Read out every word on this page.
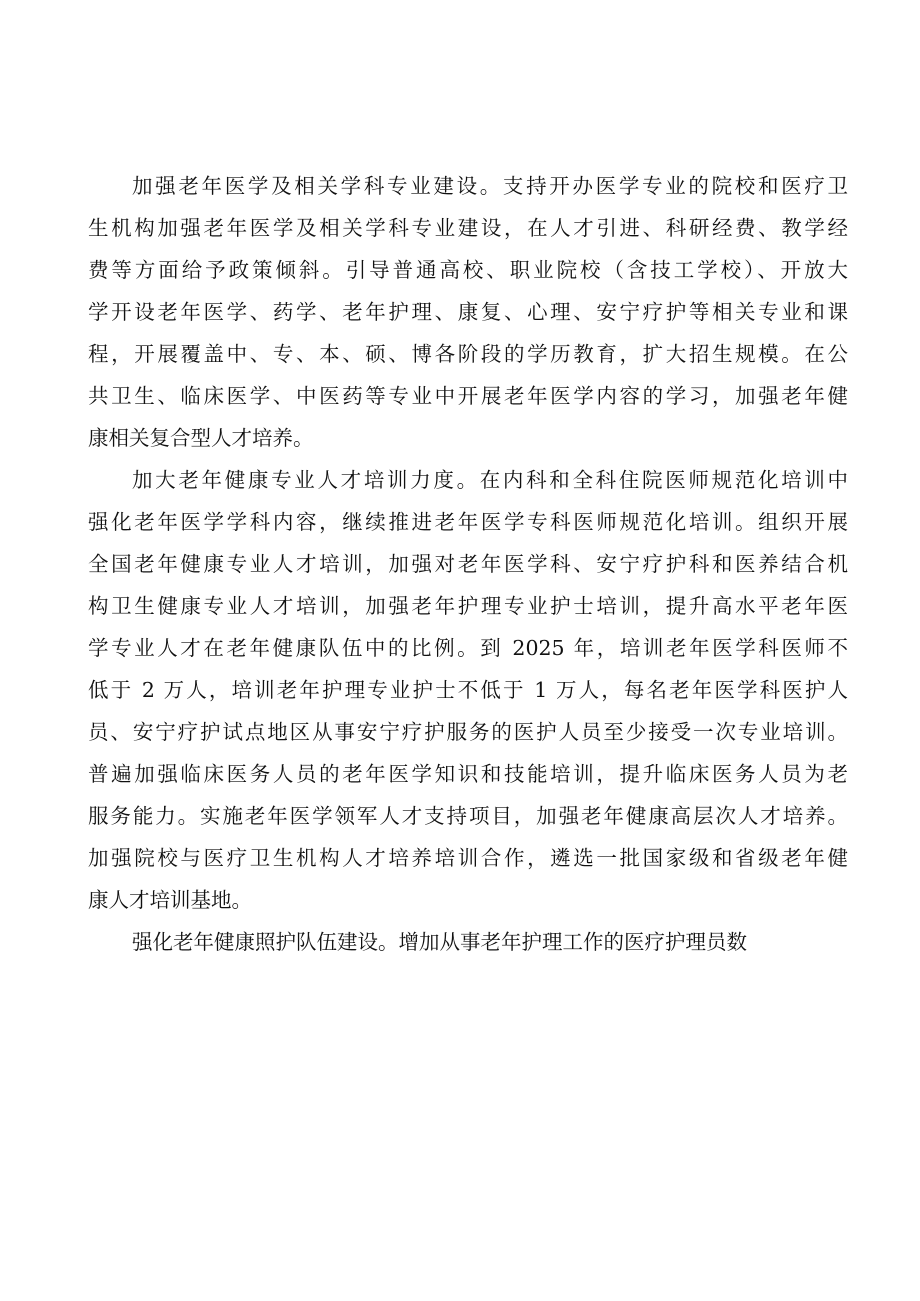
加强老年医学及相关学科专业建设。支持开办医学专业的院校和医疗卫
生机构加强老年医学及相关学科专业建设，在人才引进、科研经费、教学经
费等方面给予政策倾斜。引导普通高校、职业院校（含技工学校）、开放大
学开设老年医学、药学、老年护理、康复、心理、安宁疗护等相关专业和课
程，开展覆盖中、专、本、硕、博各阶段的学历教育，扩大招生规模。在公
共卫生、临床医学、中医药等专业中开展老年医学内容的学习，加强老年健
康相关复合型人才培养。
加大老年健康专业人才培训力度。在内科和全科住院医师规范化培训中
强化老年医学学科内容，继续推进老年医学专科医师规范化培训。组织开展
全国老年健康专业人才培训，加强对老年医学科、安宁疗护科和医养结合机
构卫生健康专业人才培训，加强老年护理专业护士培训，提升高水平老年医
学专业人才在老年健康队伍中的比例。到 2025 年，培训老年医学科医师不
低于 2 万人，培训老年护理专业护士不低于 1 万人，每名老年医学科医护人
员、安宁疗护试点地区从事安宁疗护服务的医护人员至少接受一次专业培训。
普遍加强临床医务人员的老年医学知识和技能培训，提升临床医务人员为老
服务能力。实施老年医学领军人才支持项目，加强老年健康高层次人才培养。
加强院校与医疗卫生机构人才培养培训合作，遴选一批国家级和省级老年健
康人才培训基地。
强化老年健康照护队伍建设。增加从事老年护理工作的医疗护理员数
